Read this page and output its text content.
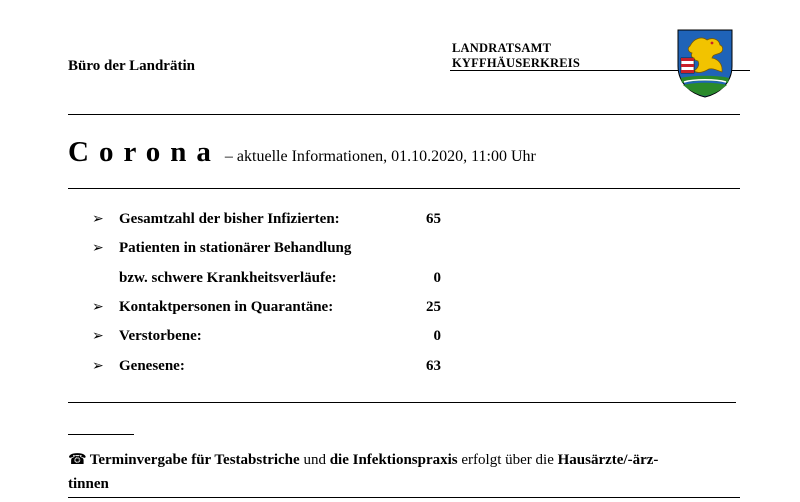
Büro der Landrätin
LANDRATSAMT
KYFFHÄUSERKREIS
Corona – aktuelle Informationen, 01.10.2020, 11:00 Uhr
➢	Gesamtzahl der bisher Infizierten:	65
➢	Patienten in stationärer Behandlung
bzw. schwere Krankheitsverläufe:	0
➢	Kontaktpersonen in Quarantäne:	25
➢	Verstorbene:	0
➢	Genesene:	63
☎ Terminvergabe für Testabstriche und die Infektionspraxis erfolgt über die Hausärzte/-ärz-
tinnen
